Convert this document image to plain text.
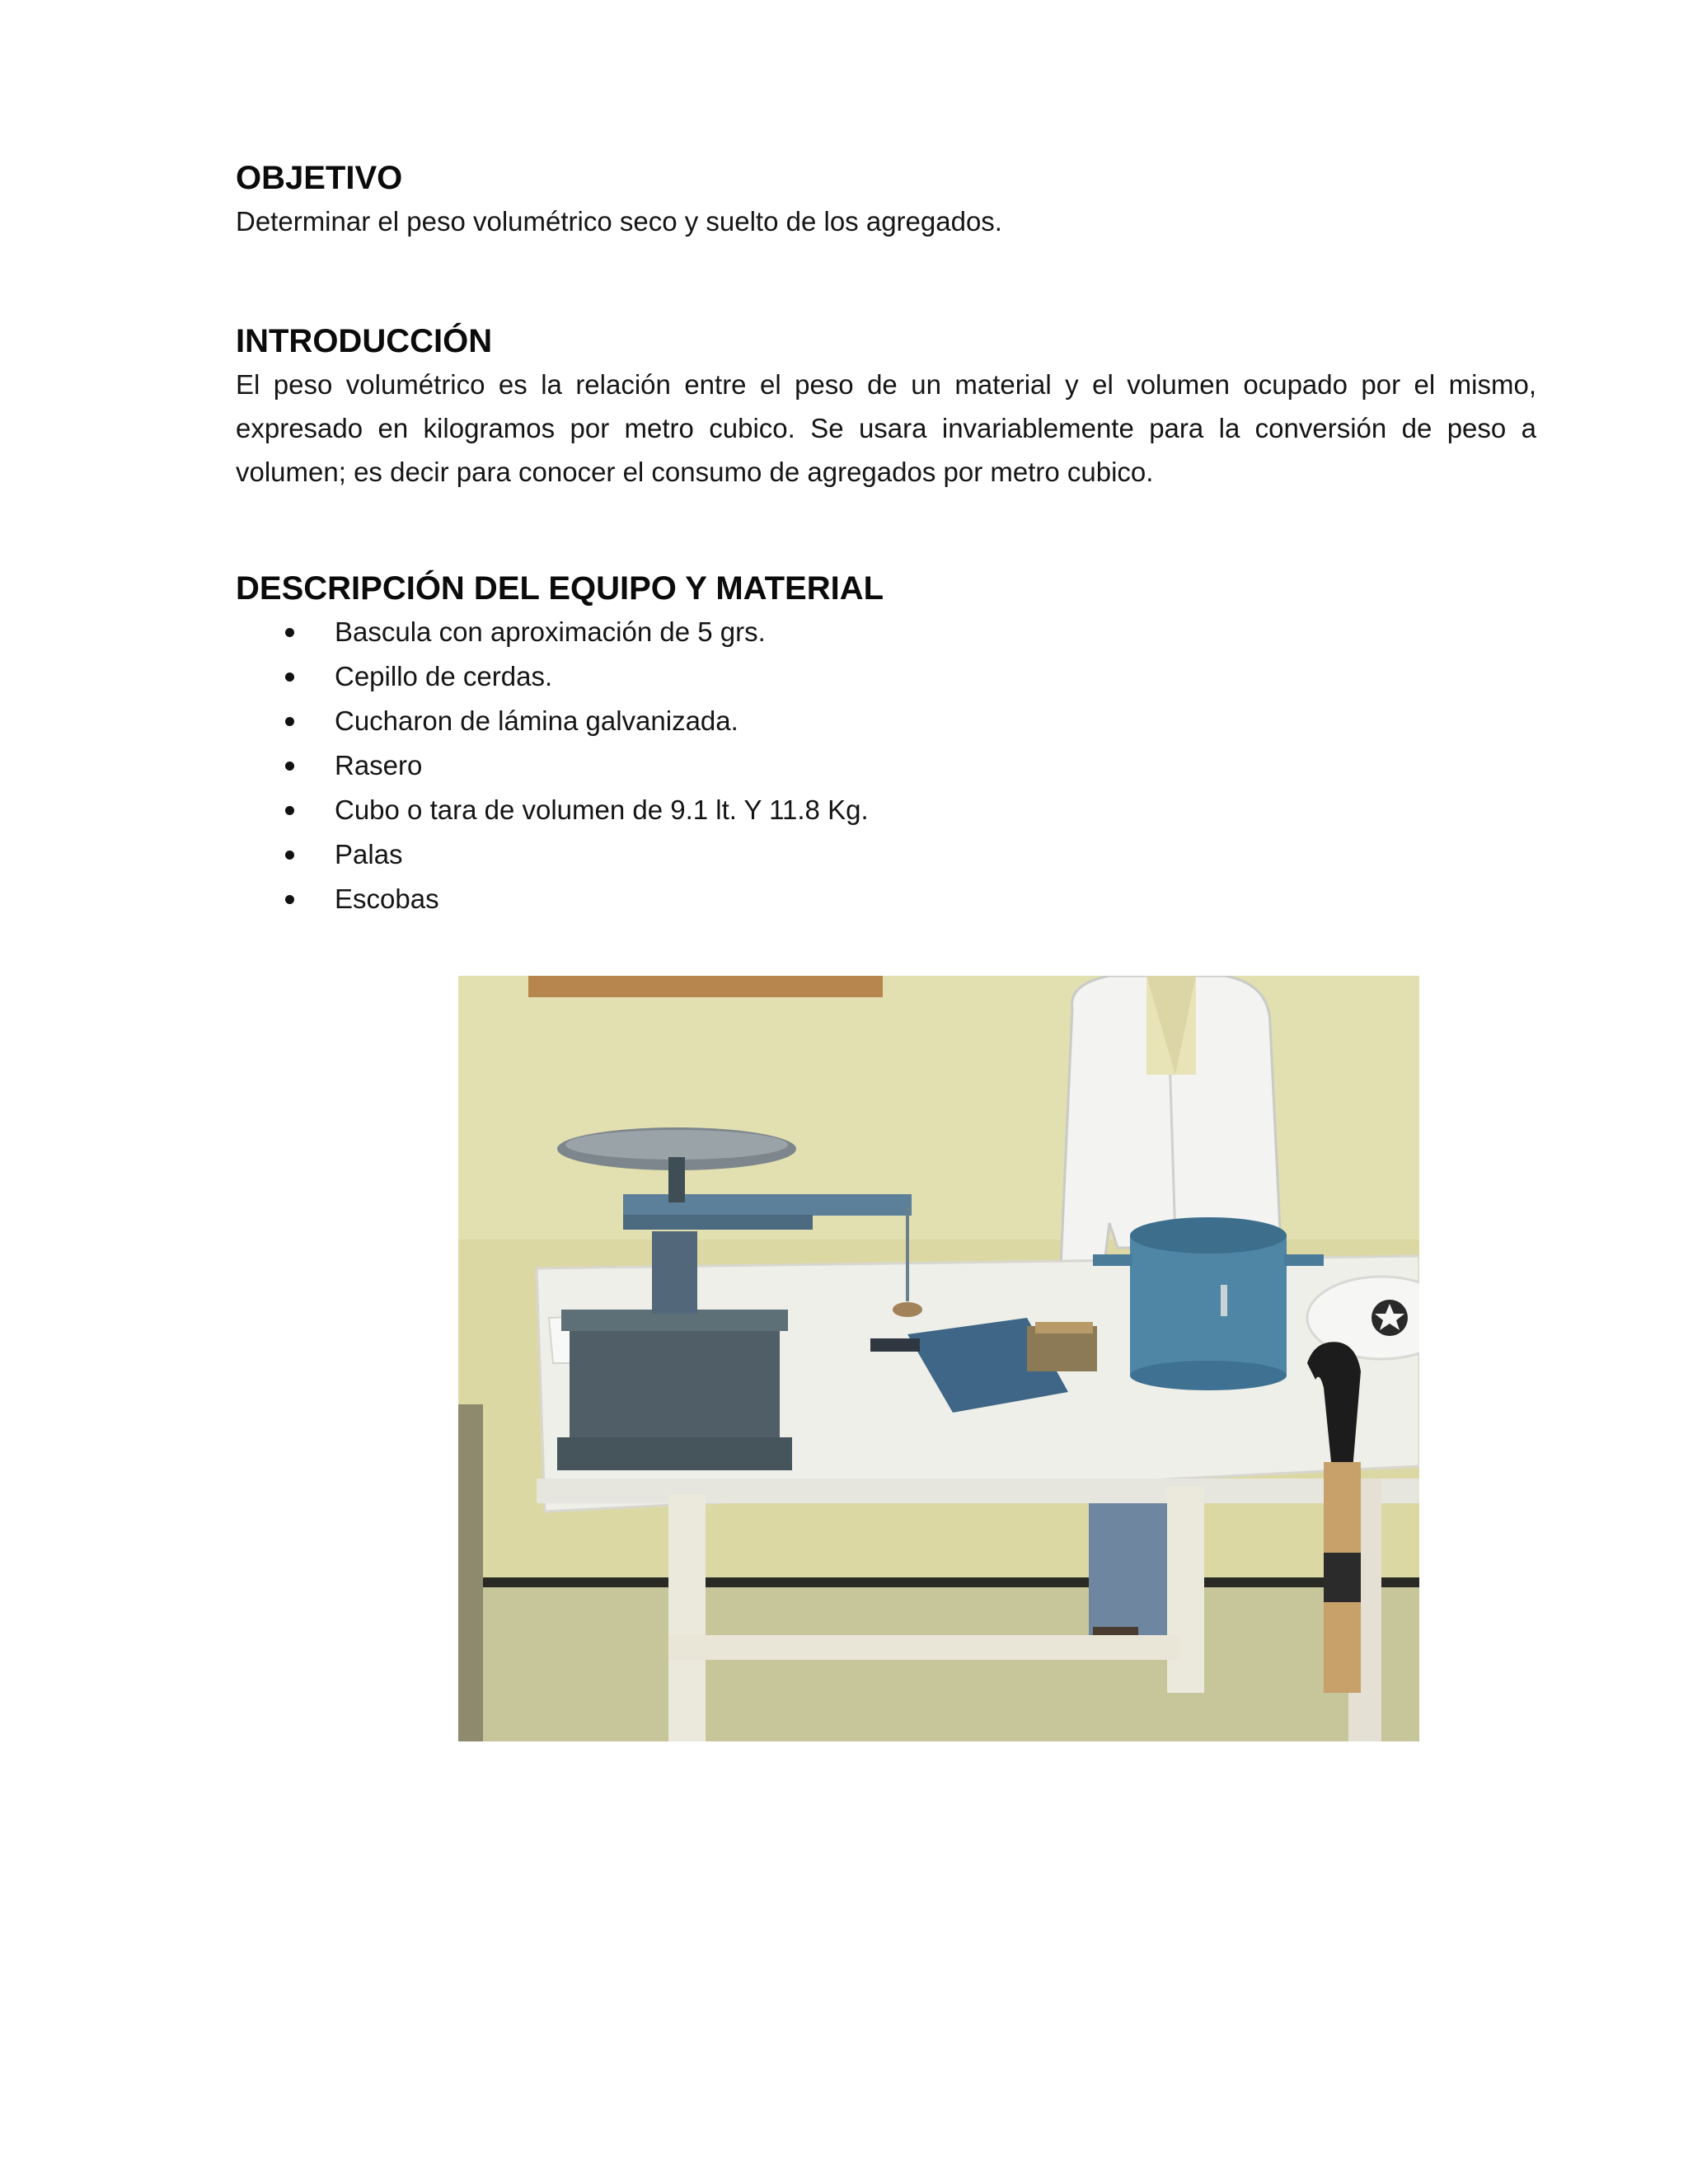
OBJETIVO

Determinar el peso volumétrico seco y suelto de los agregados.

INTRODUCCIÓN

El peso volumétrico es la relación entre el peso de un material y el volumen ocupado por el mismo, expresado en kilogramos por metro cubico. Se usara invariablemente para la conversión de peso a volumen; es decir para conocer el consumo de agregados por metro cubico.

DESCRIPCIÓN DEL EQUIPO Y MATERIAL
Bascula con aproximación de 5 grs.
Cepillo de cerdas.
Cucharon de lámina galvanizada.
Rasero
Cubo o tara de volumen de 9.1 lt. Y 11.8 Kg.
Palas
Escobas
